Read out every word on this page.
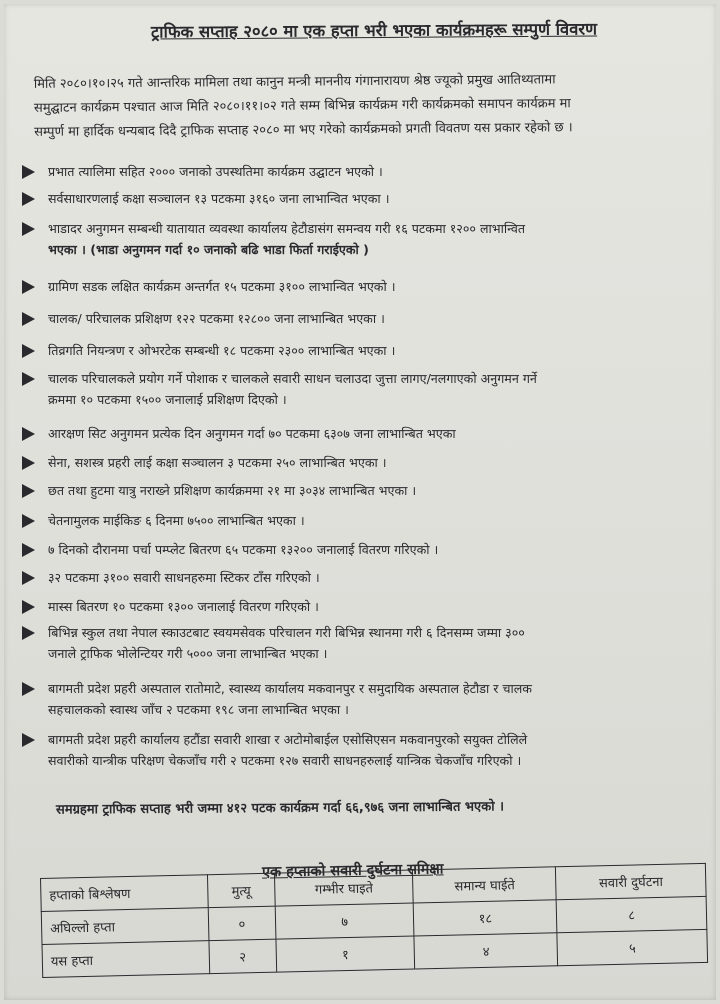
ट्राफिक सप्ताह २०८० मा एक हप्ता भरी भएका कार्यक्रमहरू सम्पुर्ण विवरण
मिति २०८०।१०।२५ गते आन्तरिक मामिला तथा कानुन मन्त्री माननीय गंगानारायण श्रेष्ठ ज्यूको प्रमुख आतिथ्यतामा
समुद्घाटन कार्यक्रम पश्चात आज मिति २०८०।११।०२ गते सम्म बिभिन्न कार्यक्रम गरी कार्यक्रमको समापन कार्यक्रम मा
सम्पुर्ण मा हार्दिक धन्यबाद दिदै ट्राफिक सप्ताह २०८० मा भए गरेको कार्यक्रमको प्रगती विवतण यस प्रकार रहेको छ ।
प्रभात त्यालिमा सहित २००० जनाको उपस्थतिमा कार्यक्रम उद्घाटन भएको ।
सर्वसाधारणलाई कक्षा सञ्चालन १३ पटकमा ३१६० जना लाभान्वित भएका ।
भाडादर अनुगमन सम्बन्धी यातायात व्यवस्था कार्यालय हेटौडासंग समन्वय गरी १६ पटकमा १२०० लाभान्वित
भएका । (भाडा अनुगमन गर्दा १० जनाको बढि भाडा फिर्ता गराईएको )
ग्रामिण सडक लक्षित कार्यक्रम अन्तर्गत १५ पटकमा ३१०० लाभान्वित भएको ।
चालक/ परिचालक प्रशिक्षण १२२ पटकमा १२८०० जना लाभान्बित भएका ।
तिव्रगति नियन्त्रण र ओभरटेक सम्बन्धी १८ पटकमा २३०० लाभान्बित भएका ।
चालक परिचालकले प्रयोग गर्ने पोशाक र चालकले सवारी साधन चलाउदा जुत्ता लागए/नलगाएको अनुगमन गर्ने
क्रममा १० पटकमा १५०० जनालाई प्रशिक्षण दिएको ।
आरक्षण सिट अनुगमन प्रत्येक दिन अनुगमन गर्दा ७० पटकमा ६३०७ जना लाभान्बित भएका
सेना, सशस्त्र प्रहरी लाई कक्षा सञ्चालन ३ पटकमा २५० लाभान्बित भएका ।
छत तथा हुटमा यात्रु नराख्ने प्रशिक्षण कार्यक्रममा २१ मा ३०३४ लाभान्बित भएका ।
चेतनामुलक माईकिङ ६ दिनमा ७५०० लाभान्बित भएका ।
७ दिनको दौरानमा पर्चा पम्प्लेट बितरण ६५ पटकमा १३२०० जनालाई वितरण गरिएको ।
३२ पटकमा ३१०० सवारी साधनहरुमा स्टिकर टाँस गरिएको ।
मास्स बितरण १० पटकमा १३०० जनालाई वितरण गरिएको ।
बिभिन्न स्कुल तथा नेपाल स्काउटबाट स्वयमसेवक परिचालन गरी बिभिन्न स्थानमा गरी ६ दिनसम्म जम्मा ३००
जनाले ट्राफिक भोलेन्टियर गरी ५००० जना लाभान्बित भएका ।
बागमती प्रदेश प्रहरी अस्पताल रातोमाटे, स्वास्थ्य कार्यालय मकवानपुर र समुदायिक अस्पताल हेटौडा र चालक
सहचालकको स्वास्थ जाँच २ पटकमा १९८ जना लाभान्बित भएका ।
बागमती प्रदेश प्रहरी कार्यालय हटौंडा सवारी शाखा र अटोमोबाईल एसोसिएसन मकवानपुरको सयुक्त टोलिले
सवारीको यान्त्रीक परिक्षण चेकजाँच गरी २ पटकमा १२७ सवारी साधनहरुलाई यान्त्रिक चेकजाँच गरिएको ।
समग्रहमा ट्राफिक सप्ताह भरी जम्मा ४१२ पटक कार्यक्रम गर्दा ६६,९७६ जना लाभान्बित भएको ।
एक हप्ताको सवारी दुर्घटना समिक्षा
हप्ताको बिश्लेषण	मुत्यू	गम्भीर घाइते	समान्य घाईते	सवारी दुर्घटना
अघिल्लो हप्ता	०	७	१८	८
यस हप्ता	२	१	४	५
